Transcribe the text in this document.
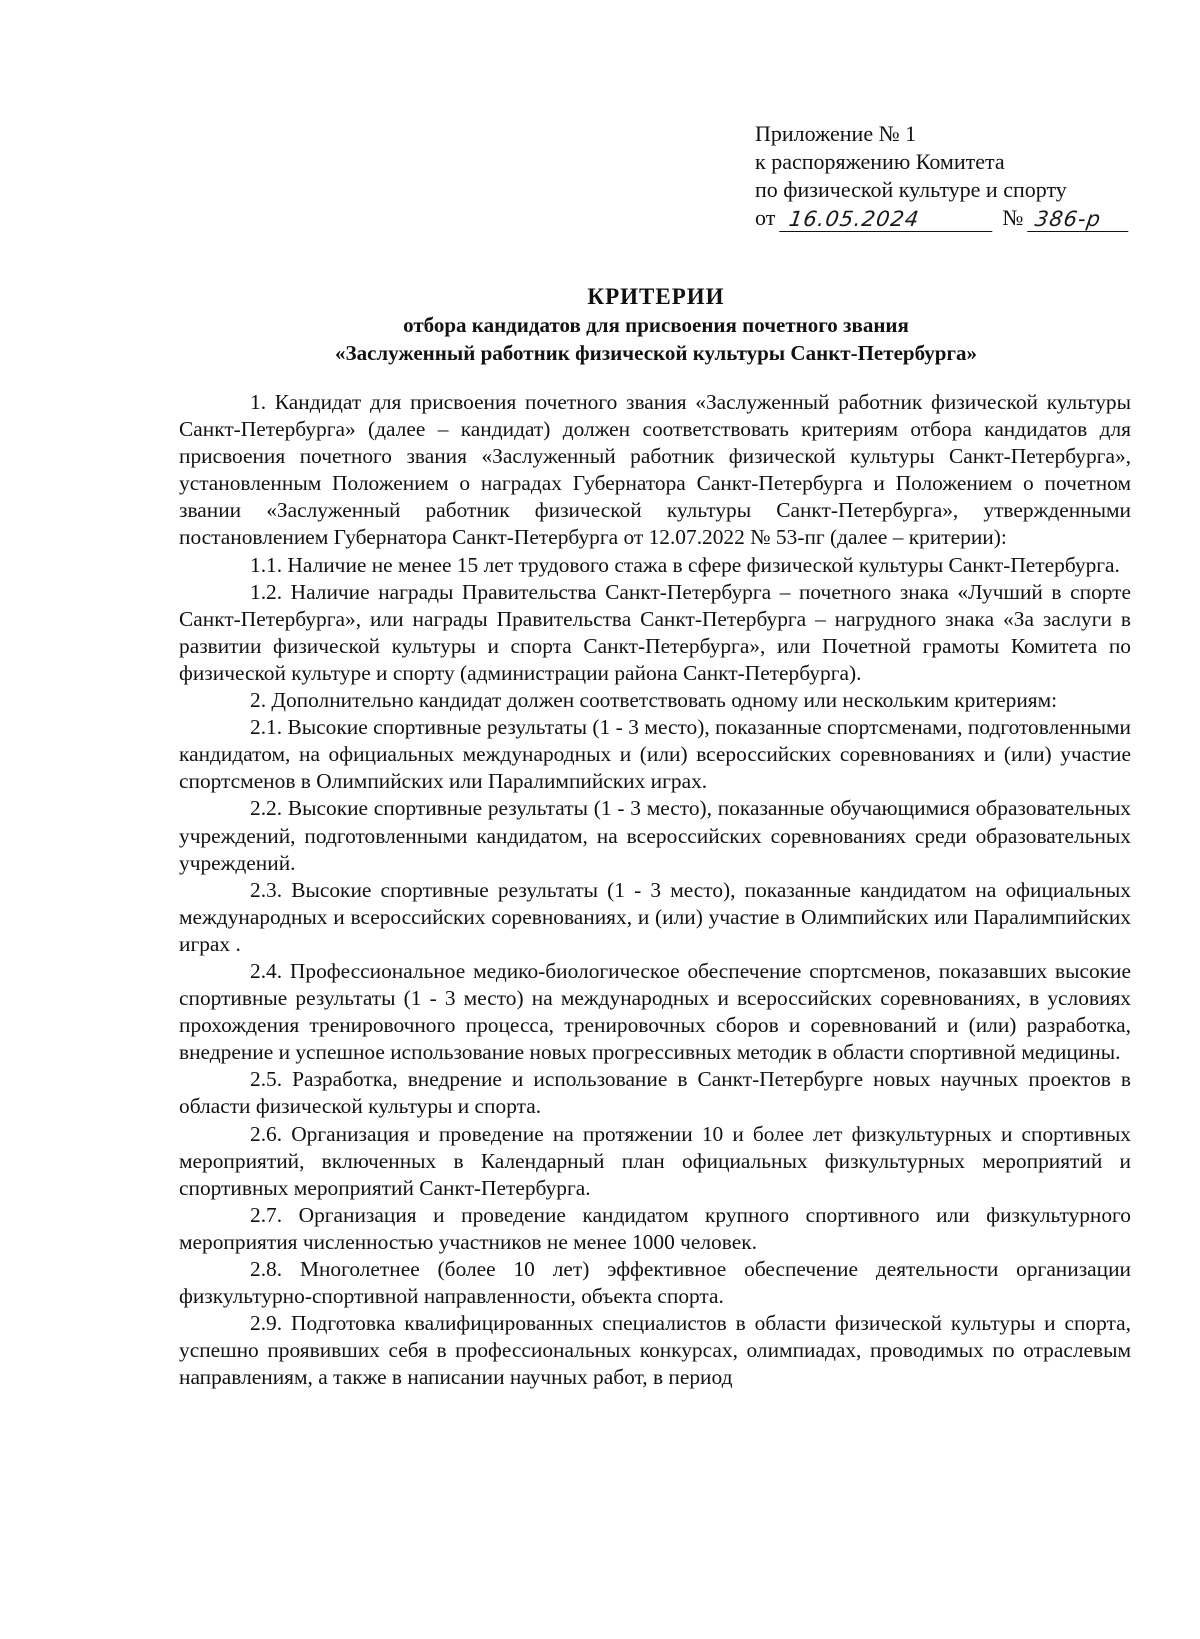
Приложение № 1
к распоряжению Комитета
по физической культуре и спорту
от 16.05.2024	№ 386-р
КРИТЕРИИ
отбора кандидатов для присвоения почетного звания
«Заслуженный работник физической культуры Санкт-Петербурга»

1. Кандидат для присвоения почетного звания «Заслуженный работник физической культуры Санкт-Петербурга» (далее – кандидат) должен соответствовать критериям отбора кандидатов для присвоения почетного звания «Заслуженный работник физической культуры Санкт-Петербурга», установленным Положением о наградах Губернатора Санкт-Петербурга и Положением о почетном звании «Заслуженный работник физической культуры Санкт-Петербурга», утвержденными постановлением Губернатора Санкт-Петербурга от 12.07.2022 № 53-пг (далее – критерии):

1.1. Наличие не менее 15 лет трудового стажа в сфере физической культуры Санкт-Петербурга.

1.2. Наличие награды Правительства Санкт-Петербурга – почетного знака «Лучший в спорте Санкт-Петербурга», или награды Правительства Санкт-Петербурга – нагрудного знака «За заслуги в развитии физической культуры и спорта Санкт-Петербурга», или Почетной грамоты Комитета по физической культуре и спорту (администрации района Санкт-Петербурга).

2. Дополнительно кандидат должен соответствовать одному или нескольким критериям:

2.1. Высокие спортивные результаты (1 - 3 место), показанные спортсменами, подготовленными кандидатом, на официальных международных и (или) всероссийских соревнованиях и (или) участие спортсменов в Олимпийских или Паралимпийских играх.

2.2. Высокие спортивные результаты (1 - 3 место), показанные обучающимися образовательных учреждений, подготовленными кандидатом, на всероссийских соревнованиях среди образовательных учреждений.

2.3. Высокие спортивные результаты (1 - 3 место), показанные кандидатом на официальных международных и всероссийских соревнованиях, и (или) участие в Олимпийских или Паралимпийских играх .

2.4. Профессиональное медико-биологическое обеспечение спортсменов, показавших высокие спортивные результаты (1 - 3 место) на международных и всероссийских соревнованиях, в условиях прохождения тренировочного процесса, тренировочных сборов и соревнований и (или) разработка, внедрение и успешное использование новых прогрессивных методик в области спортивной медицины.

2.5. Разработка, внедрение и использование в Санкт-Петербурге новых научных проектов в области физической культуры и спорта.

2.6. Организация и проведение на протяжении 10 и более лет физкультурных и спортивных мероприятий, включенных в Календарный план официальных физкультурных мероприятий и спортивных мероприятий Санкт-Петербурга.

2.7. Организация и проведение кандидатом крупного спортивного или физкультурного мероприятия численностью участников не менее 1000 человек.

2.8. Многолетнее (более 10 лет) эффективное обеспечение деятельности организации физкультурно-спортивной направленности, объекта спорта.

2.9. Подготовка квалифицированных специалистов в области физической культуры и спорта, успешно проявивших себя в профессиональных конкурсах, олимпиадах, проводимых по отраслевым направлениям, а также в написании научных работ, в период
